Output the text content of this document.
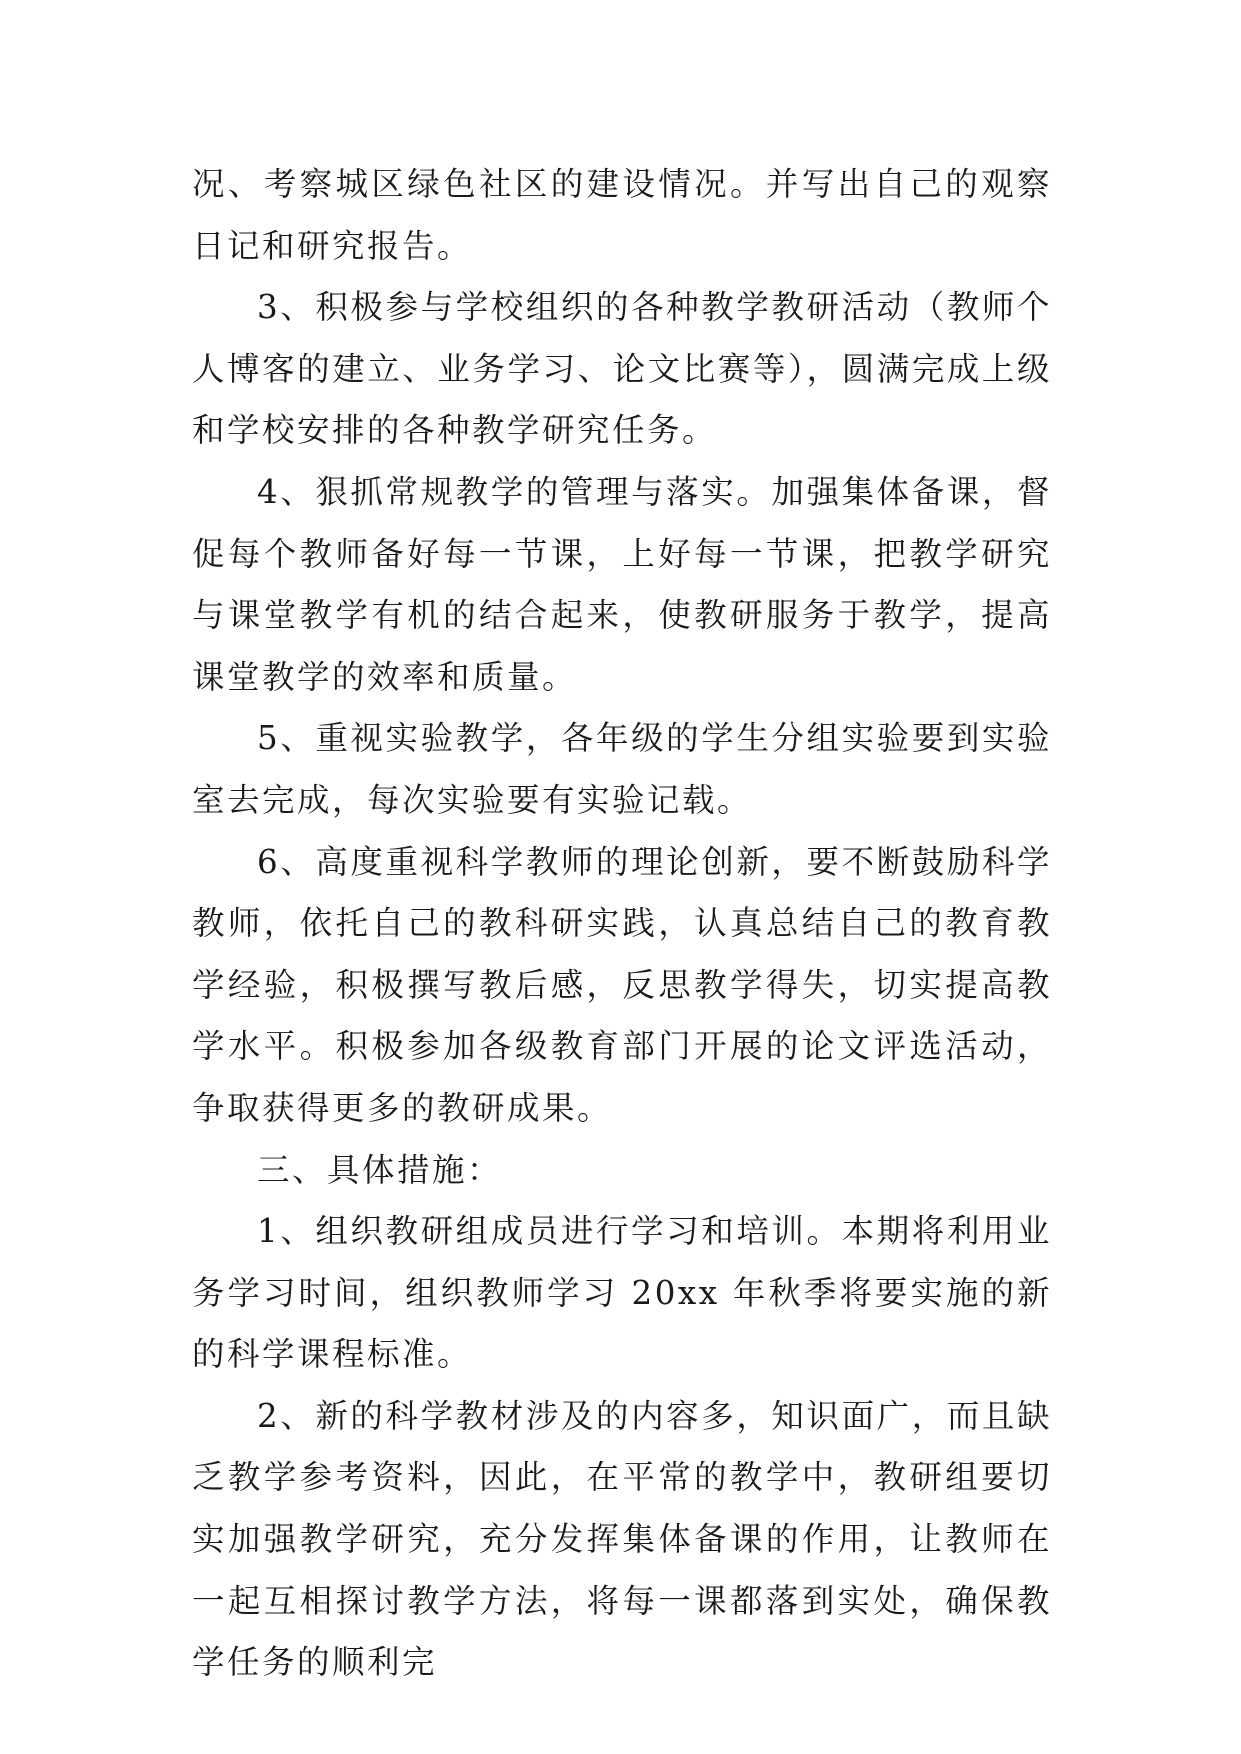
况、考察城区绿色社区的建设情况。并写出自己的观察日记和研究报告。

3、积极参与学校组织的各种教学教研活动（教师个人博客的建立、业务学习、论文比赛等），圆满完成上级和学校安排的各种教学研究任务。

4、狠抓常规教学的管理与落实。加强集体备课，督促每个教师备好每一节课，上好每一节课，把教学研究与课堂教学有机的结合起来，使教研服务于教学，提高课堂教学的效率和质量。

5、重视实验教学，各年级的学生分组实验要到实验室去完成，每次实验要有实验记载。

6、高度重视科学教师的理论创新，要不断鼓励科学教师，依托自己的教科研实践，认真总结自己的教育教学经验，积极撰写教后感，反思教学得失，切实提高教学水平。积极参加各级教育部门开展的论文评选活动，争取获得更多的教研成果。

三、具体措施：

1、组织教研组成员进行学习和培训。本期将利用业务学习时间，组织教师学习 20xx 年秋季将要实施的新的科学课程标准。

2、新的科学教材涉及的内容多，知识面广，而且缺乏教学参考资料，因此，在平常的教学中，教研组要切实加强教学研究，充分发挥集体备课的作用，让教师在一起互相探讨教学方法，将每一课都落到实处，确保教学任务的顺利完
